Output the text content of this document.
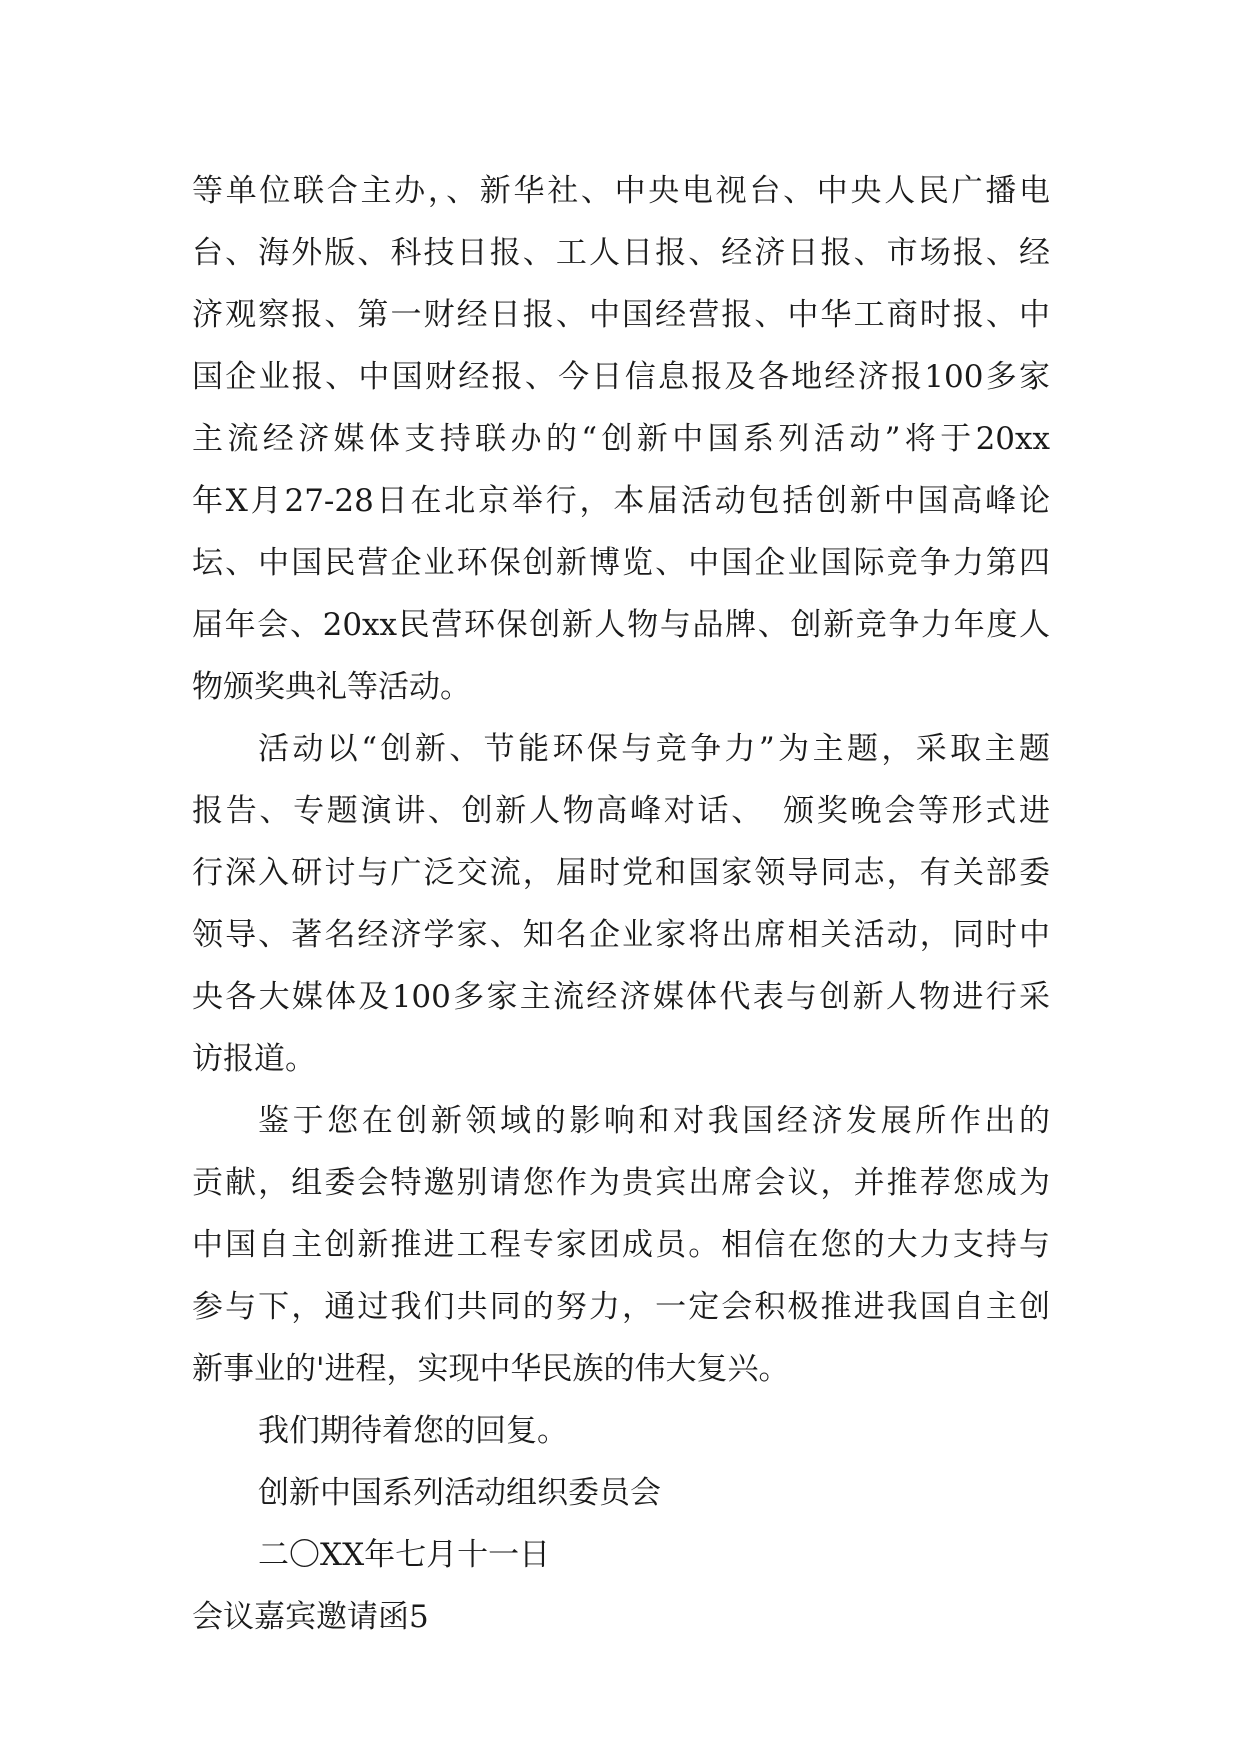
等单位联合主办，、新华社、中央电视台、中央人民广播电
台、海外版、科技日报、工人日报、经济日报、市场报、经
济观察报、第一财经日报、中国经营报、中华工商时报、中
国企业报、中国财经报、今日信息报及各地经济报100多家
主流经济媒体支持联办的“创新中国系列活动”将于20xx
年X月27-28日在北京举行，本届活动包括创新中国高峰论
坛、中国民营企业环保创新博览、中国企业国际竞争力第四
届年会、20xx民营环保创新人物与品牌、创新竞争力年度人
物颁奖典礼等活动。
活动以“创新、节能环保与竞争力”为主题，采取主题
报告、专题演讲、创新人物高峰对话、　颁奖晚会等形式进
行深入研讨与广泛交流，届时党和国家领导同志，有关部委
领导、著名经济学家、知名企业家将出席相关活动，同时中
央各大媒体及100多家主流经济媒体代表与创新人物进行采
访报道。
鉴于您在创新领域的影响和对我国经济发展所作出的
贡献，组委会特邀别请您作为贵宾出席会议，并推荐您成为
中国自主创新推进工程专家团成员。相信在您的大力支持与
参与下，通过我们共同的努力，一定会积极推进我国自主创
新事业的'进程，实现中华民族的伟大复兴。
我们期待着您的回复。
创新中国系列活动组织委员会
二〇XX年七月十一日
会议嘉宾邀请函5
